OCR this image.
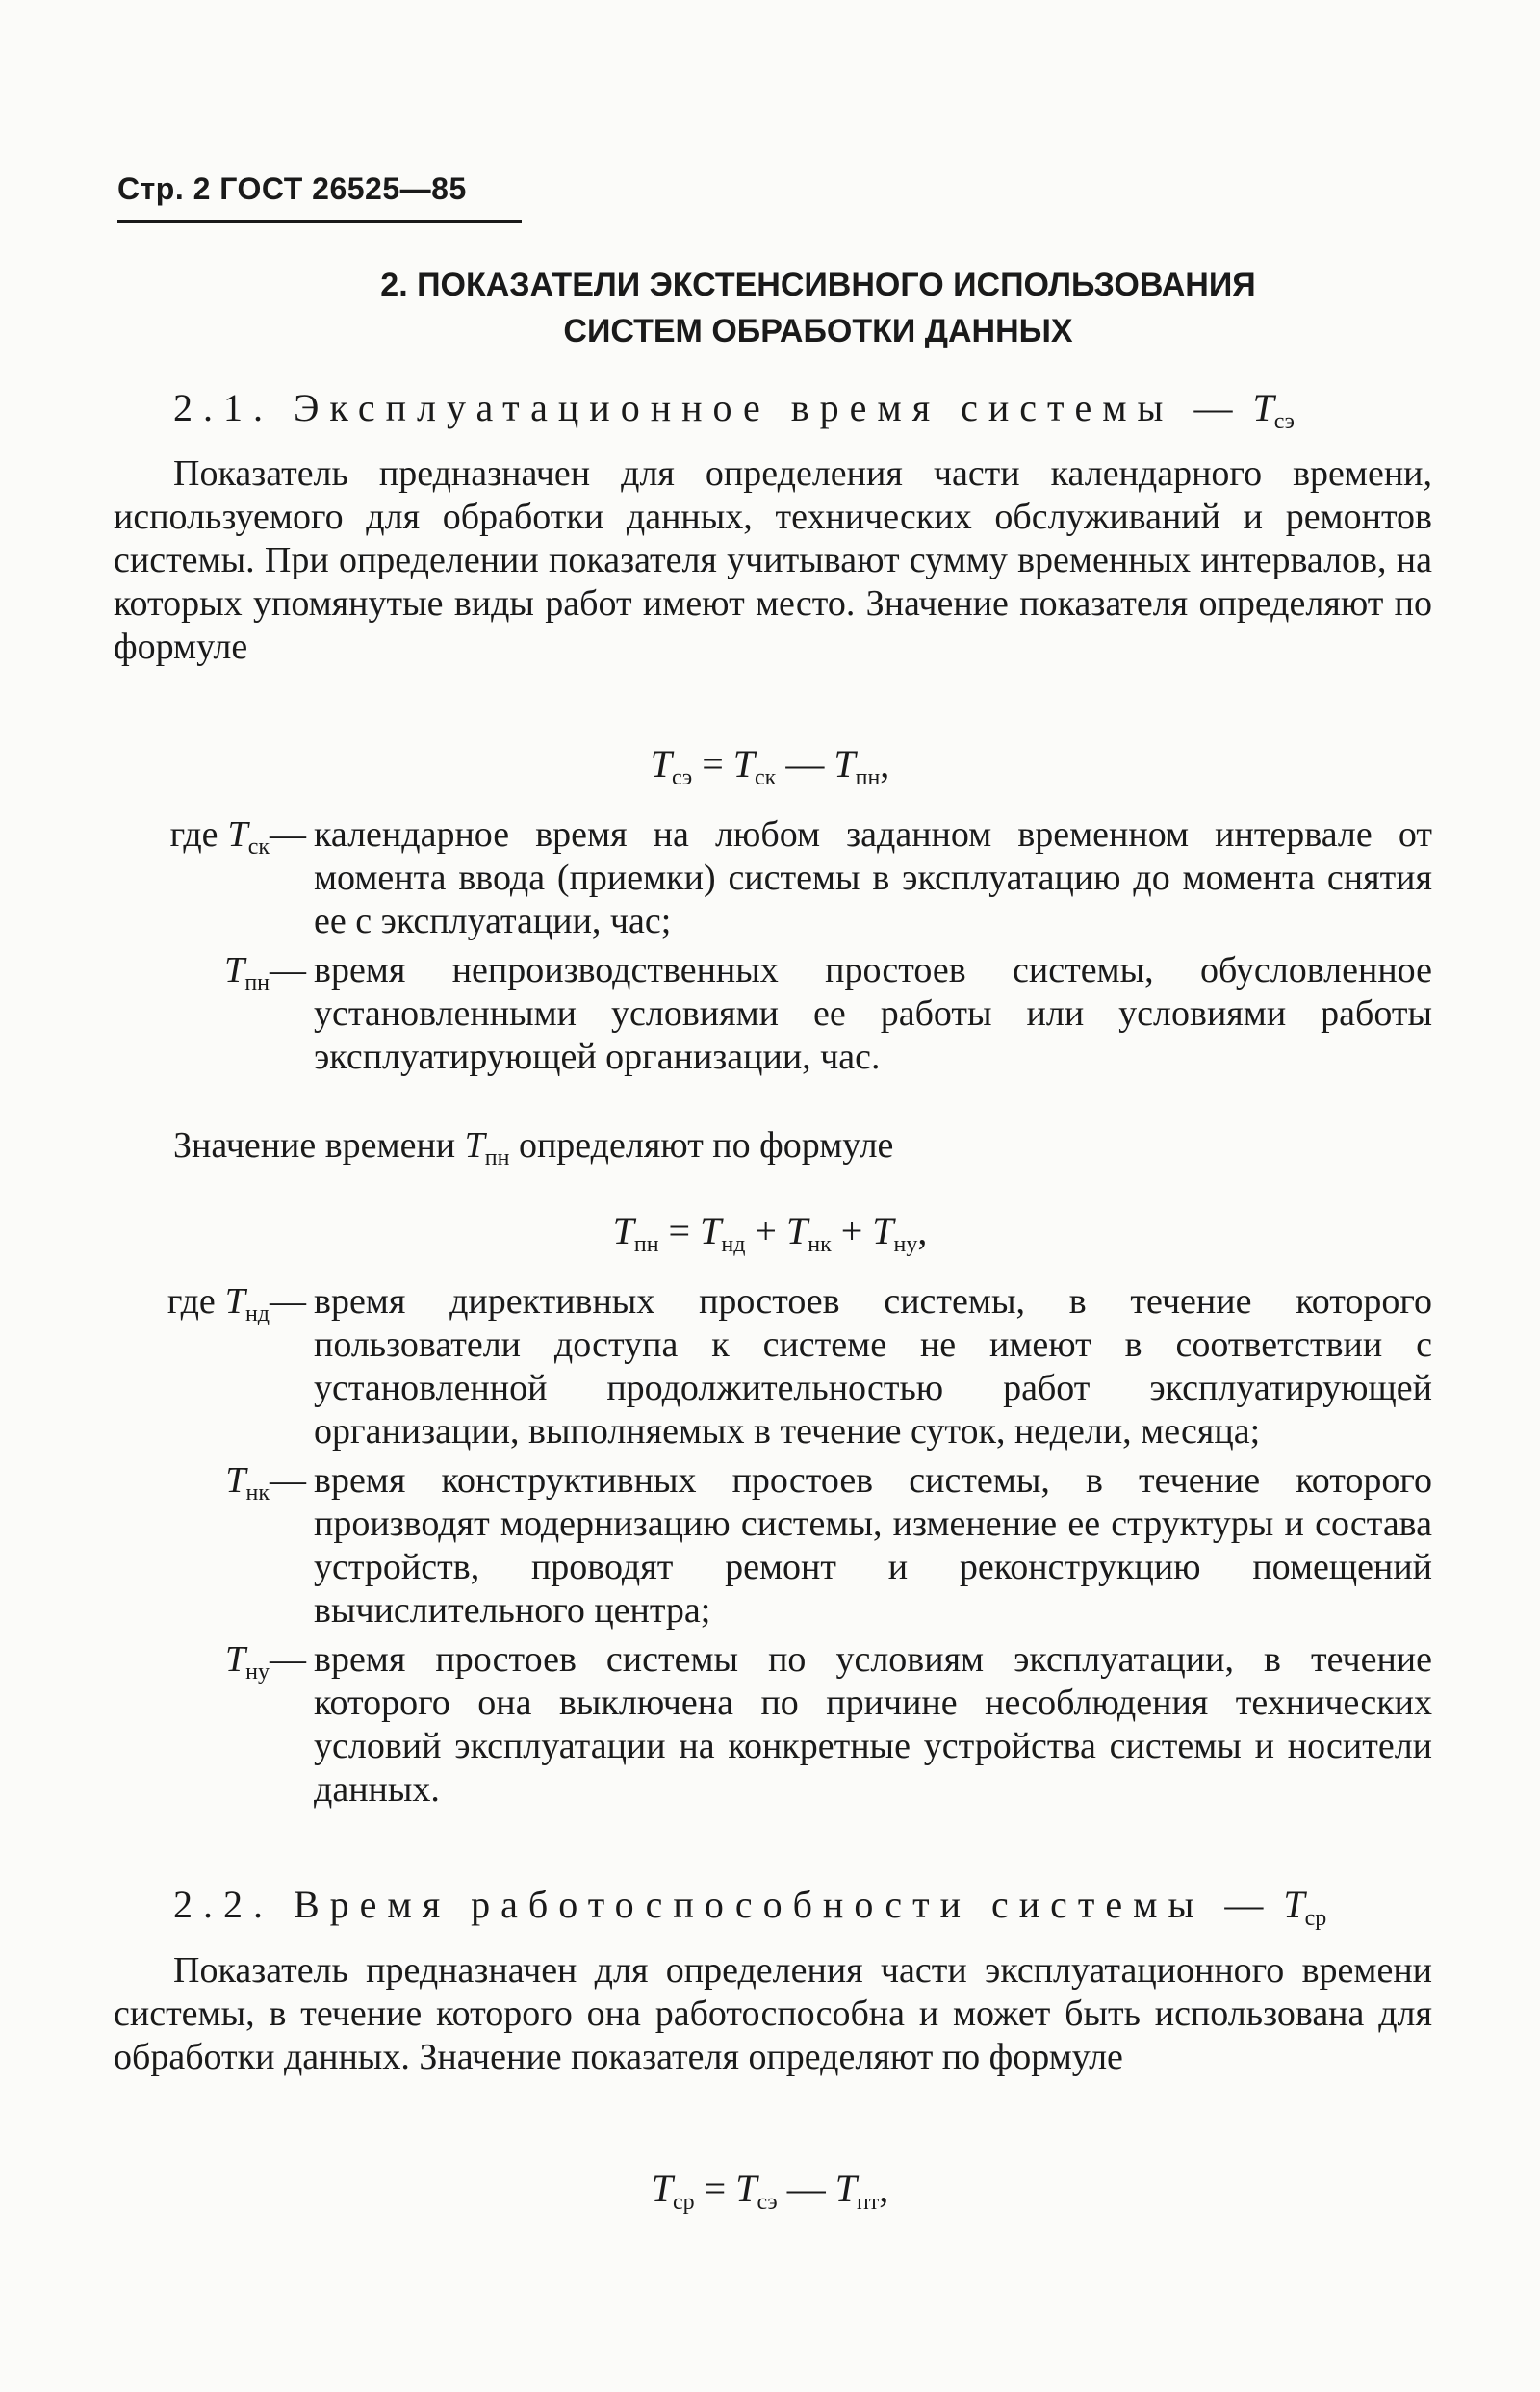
Стр. 2 ГОСТ 26525—85
2. ПОКАЗАТЕЛИ ЭКСТЕНСИВНОГО ИСПОЛЬЗОВАНИЯ
СИСТЕМ ОБРАБОТКИ ДАННЫХ
2.1. Эксплуатационное время системы — $Т_{сэ}$

Показатель предназначен для определения части календарного времени, используемого для обработки данных, технических обслуживаний и ремонтов системы. При определении показателя учитывают сумму временных интервалов, на которых упомянутые виды работ имеют место. Значение показателя определяют по формуле

$Т_{сэ} = Т_{ск}$ — $Т_{пн}$,
где $Т_{ск}—$ календарное время на любом заданном временном интервале от момента ввода (приемки) системы в эксплуатацию до момента снятия ее с эксплуатации, час;
$Т_{пн}—$ время непроизводственных простоев системы, обусловленное установленными условиями ее работы или условиями работы эксплуатирующей организации, час.

Значение времени $Т_{пн}$ определяют по формуле

$Т_{пн} = Т_{нд} + Т_{нк} + Т_{ну}$,
где $Т_{нд}—$ время директивных простоев системы, в течение которого пользователи доступа к системе не имеют в соответствии с установленной продолжительностью работ эксплуатирующей организации, выполняемых в течение суток, недели, месяца;
$Т_{нк}—$ время конструктивных простоев системы, в течение которого производят модернизацию системы, изменение ее структуры и состава устройств, проводят ремонт и реконструкцию помещений вычислительного центра;
$Т_{ну}—$ время простоев системы по условиям эксплуатации, в течение которого она выключена по причине несоблюдения технических условий эксплуатации на конкретные устройства системы и носители данных.
2.2. Время работоспособности системы — $Т_{ср}$

Показатель предназначен для определения части эксплуатационного времени системы, в течение которого она работоспособна и может быть использована для обработки данных. Значение показателя определяют по формуле

$Т_{ср} = Т_{сэ}$ — $Т_{пт}$,
